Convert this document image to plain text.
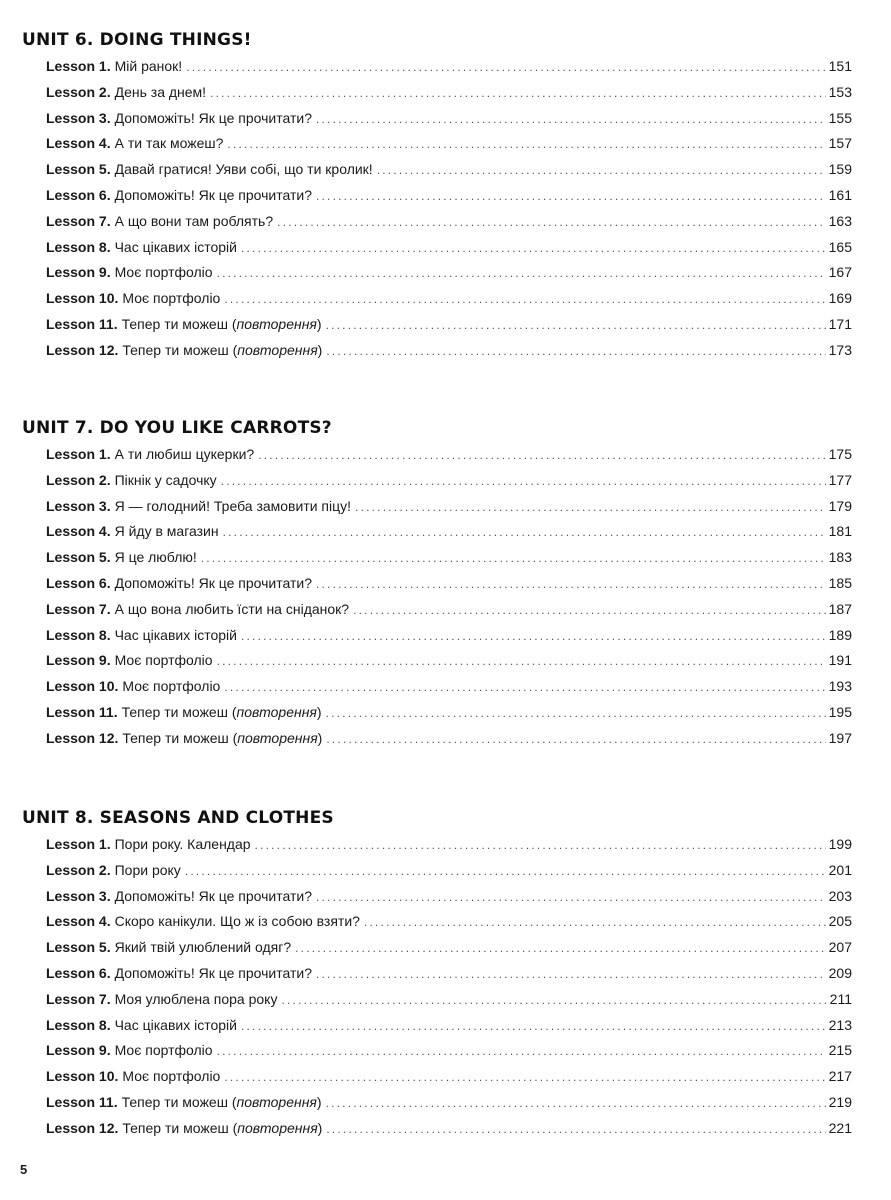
UNIT 6. DOING THINGS!
Lesson 1. Мій ранок! .....	151
Lesson 2. День за днем! .....	153
Lesson 3. Допоможіть! Як це прочитати? .....	155
Lesson 4. А ти так можеш? .....	157
Lesson 5. Давай гратися! Уяви собі, що ти кролик! .....	159
Lesson 6. Допоможіть! Як це прочитати? .....	161
Lesson 7. А що вони там роблять? .....	163
Lesson 8. Час цікавих історій .....	165
Lesson 9. Моє портфоліо .....	167
Lesson 10. Моє портфоліо .....	169
Lesson 11. Тепер ти можеш (повторення) .....	171
Lesson 12. Тепер ти можеш (повторення) .....	173
UNIT 7. DO YOU LIKE CARROTS?
Lesson 1. А ти любиш цукерки? .....	175
Lesson 2. Пікнік у садочку .....	177
Lesson 3. Я — голодний! Треба замовити піцу! .....	179
Lesson 4. Я йду в магазин .....	181
Lesson 5. Я це люблю! .....	183
Lesson 6. Допоможіть! Як це прочитати? .....	185
Lesson 7. А що вона любить їсти на сніданок? .....	187
Lesson 8. Час цікавих історій .....	189
Lesson 9. Моє портфоліо .....	191
Lesson 10. Моє портфоліо .....	193
Lesson 11. Тепер ти можеш (повторення) .....	195
Lesson 12. Тепер ти можеш (повторення) .....	197
UNIT 8. SEASONS AND CLOTHES
Lesson 1. Пори року. Календар .....	199
Lesson 2. Пори року .....	201
Lesson 3. Допоможіть! Як це прочитати? .....	203
Lesson 4. Скоро канікули. Що ж із собою взяти? .....	205
Lesson 5. Який твій улюблений одяг? .....	207
Lesson 6. Допоможіть! Як це прочитати? .....	209
Lesson 7. Моя улюблена пора року .....	211
Lesson 8. Час цікавих історій .....	213
Lesson 9. Моє портфоліо .....	215
Lesson 10. Моє портфоліо .....	217
Lesson 11. Тепер ти можеш (повторення) .....	219
Lesson 12. Тепер ти можеш (повторення) .....	221
5
